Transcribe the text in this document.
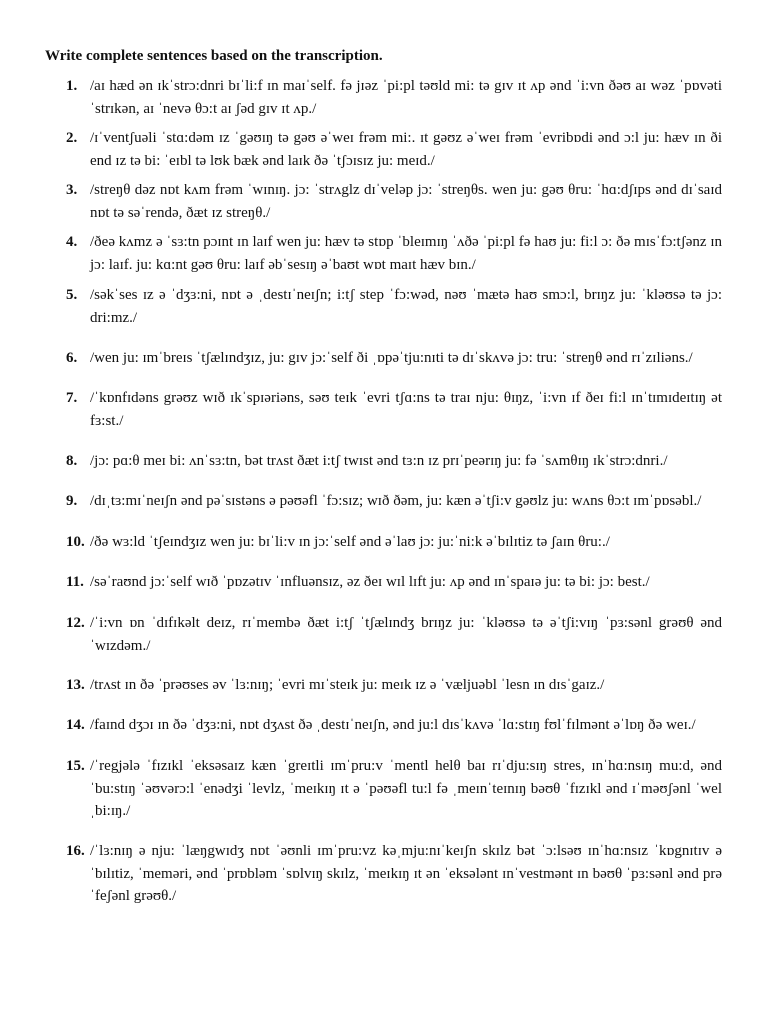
Write complete sentences based on the transcription.
1. /aɪ hæd ən ɪkˈstrɔ:dnri bɪˈli:f ɪn maɪˈself. fə jɪəz ˈpi:pl təʊld mi: tə gɪv ɪt ʌp ənd ˈi:vn ðəʊ aɪ wəz ˈpɒvəti ˈstrɪkən, aɪ ˈnevə θɔ:t aɪ ʃəd gɪv ɪt ʌp./
2. /ɪˈventʃuəli ˈstɑ:dəm ɪz ˈgəʊɪŋ tə gəʊ əˈweɪ frəm mi:. ɪt gəʊz əˈweɪ frəm ˈevribɒdi ənd ɔ:l ju: hæv ɪn ði end ɪz tə bi: ˈeɪbl tə lʊk bæk ənd laɪk ðə ˈtʃɔɪsɪz ju: meɪd./
3. /streŋθ dəz nɒt kʌm frəm ˈwɪnɪŋ. jɔ: ˈstrʌglz dɪˈveləp jɔ: ˈstreŋθs. wen ju: gəʊ θru: ˈhɑ:dʃɪps ənd dɪˈsaɪd nɒt tə səˈrendə, ðæt ɪz streŋθ./
4. /ðeə kʌmz ə ˈsɜ:tn pɔɪnt ɪn laɪf wen ju: hæv tə stɒp ˈbleɪmɪŋ ˈʌðə ˈpi:pl fə haʊ ju: fi:l ɔ: ðə mɪsˈfɔ:tʃənz ɪn jɔ: laɪf. ju: kɑ:nt gəʊ θru: laɪf əbˈsesɪŋ əˈbaʊt wɒt maɪt hæv bɪn./
5. /səkˈses ɪz ə ˈdʒɜ:ni, nɒt ə ˌdestɪˈneɪʃn; i:tʃ step ˈfɔ:wəd, nəʊ ˈmætə haʊ smɔ:l, brɪŋz ju: ˈkləʊsə tə jɔ: dri:mz./
6. /wen ju: ɪmˈbreɪs ˈtʃælɪndʒɪz, ju: gɪv jɔ:ˈself ði ˌɒpəˈtju:nɪti tə dɪˈskʌvə jɔ: tru: ˈstreŋθ ənd rɪˈzɪliəns./
7. /ˈkɒnfɪdəns grəʊz wɪð ɪkˈspɪəriəns, səʊ teɪk ˈevri tʃɑ:ns tə traɪ nju: θɪŋz, ˈi:vn ɪf ðeɪ fi:l ɪnˈtɪmɪdeɪtɪŋ ət fɜ:st./
8. /jɔ: pɑ:θ meɪ bi: ʌnˈsɜ:tn, bət trʌst ðæt i:tʃ twɪst ənd tɜ:n ɪz prɪˈpeərɪŋ ju: fə ˈsʌmθɪŋ ɪkˈstrɔ:dnri./
9. /dɪˌtɜ:mɪˈneɪʃn ənd pəˈsɪstəns ə pəʊəfl ˈfɔ:sɪz; wɪð ðəm, ju: kæn əˈtʃi:v gəʊlz ju: wʌns θɔ:t ɪmˈpɒsəbl./
10. /ðə wɜ:ld ˈtʃeɪndʒɪz wen ju: bɪˈli:v ɪn jɔ:ˈself ənd əˈlaʊ jɔ: ju:ˈni:k əˈbɪlɪtiz tə ʃaɪn θru:./
11. /səˈraʊnd jɔ:ˈself wɪð ˈpɒzətɪv ˈɪnfluənsɪz, əz ðeɪ wɪl lɪft ju: ʌp ənd ɪnˈspaɪə ju: tə bi: jɔ: best./
12. /ˈi:vn ɒn ˈdɪfɪkəlt deɪz, rɪˈmembə ðæt i:tʃ ˈtʃælɪndʒ brɪŋz ju: ˈkləʊsə tə əˈtʃi:vɪŋ ˈpɜ:sənl grəʊθ ənd ˈwɪzdəm./
13. /trʌst ɪn ðə ˈprəʊses əv ˈlɜ:nɪŋ; ˈevri mɪˈsteɪk ju: meɪk ɪz ə ˈvæljuəbl ˈlesn ɪn dɪsˈgaɪz./
14. /faɪnd dʒɔɪ ɪn ðə ˈdʒɜ:ni, nɒt dʒʌst ðə ˌdestɪˈneɪʃn, ənd ju:l dɪsˈkʌvə ˈlɑ:stɪŋ fʊlˈfɪlmənt əˈlɒŋ ðə weɪ./
15. /ˈregjələ ˈfɪzɪkl ˈeksəsaɪz kæn ˈgreɪtli ɪmˈpru:v ˈmentl helθ baɪ rɪˈdju:sɪŋ stres, ɪnˈhɑ:nsɪŋ mu:d, ənd ˈbu:stɪŋ ˈəʊvərɔ:l ˈenədʒi ˈlevlz, ˈmeɪkɪŋ ɪt ə ˈpəʊəfl tu:l fə ˌmeɪnˈteɪnɪŋ bəʊθ ˈfɪzɪkl ənd ɪˈməʊʃənl ˈwel ˌbi:ɪŋ./
16. /ˈlɜ:nɪŋ ə nju: ˈlæŋgwɪdʒ nɒt ˈəʊnli ɪmˈpru:vz kəˌmju:nɪˈkeɪʃn skɪlz bət ˈɔ:lsəʊ ɪnˈhɑ:nsɪz ˈkɒgnɪtɪv əˈbɪlɪtiz, ˈmeməri, ənd ˈprɒbləm ˈsɒlvɪŋ skɪlz, ˈmeɪkɪŋ ɪt ən ˈeksələnt ɪnˈvestmənt ɪn bəʊθ ˈpɜ:sənl ənd prəˈfeʃənl grəʊθ./
